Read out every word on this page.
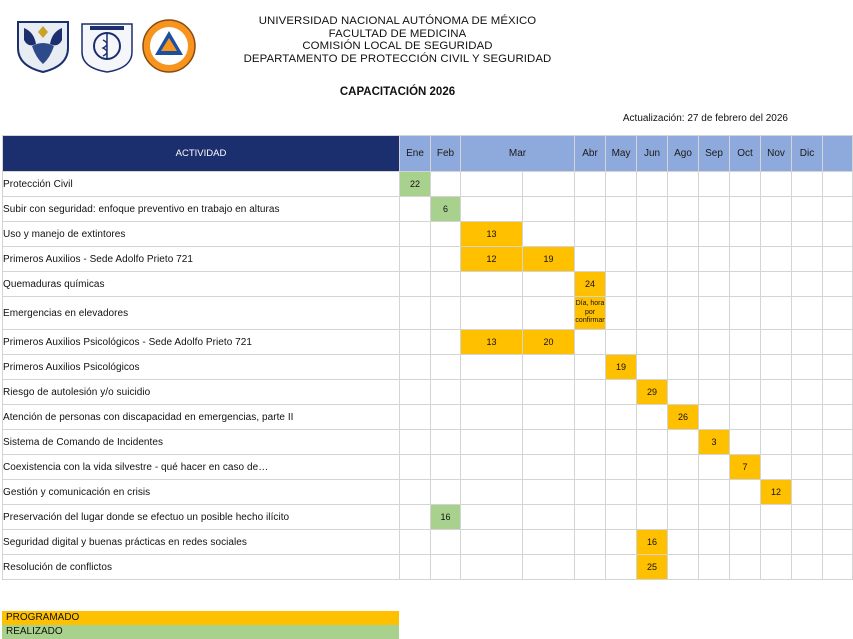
UNIVERSIDAD NACIONAL AUTÓNOMA DE MÉXICO
FACULTAD DE MEDICINA
COMISIÓN LOCAL DE SEGURIDAD
DEPARTAMENTO DE PROTECCIÓN CIVIL Y SEGURIDAD
CAPACITACIÓN 2026
Actualización: 27 de febrero del 2026
ACTIVIDAD	Ene	Feb	Mar		Abr	May	Jun	Ago	Sep	Oct	Nov	Dic	
Protección Civil	22												
Subir con seguridad: enfoque preventivo en trabajo en alturas		6											
Uso y manejo de extintores			13										
Primeros Auxilios - Sede Adolfo Prieto 721			12	19									
Quemaduras químicas					24								
Emergencias en elevadores					Día, hora por confirmar								

Primeros Auxilios Psicológicos - Sede Adolfo Prieto 721			13	20									
Primeros Auxilios Psicológicos						19							
Riesgo de autolesión y/o suicidio							29						
Atención de personas con discapacidad en emergencias, parte II								26					
Sistema de Comando de Incidentes									3				
Coexistencia con la vida silvestre - qué hacer en caso de…										7			
Gestión y comunicación en crisis											12		
Preservación del lugar donde se efectuo un posible hecho ilícito		16											
Seguridad digital y buenas prácticas en redes sociales							16						
Resolución de conflictos							25						
PROGRAMADO
REALIZADO
